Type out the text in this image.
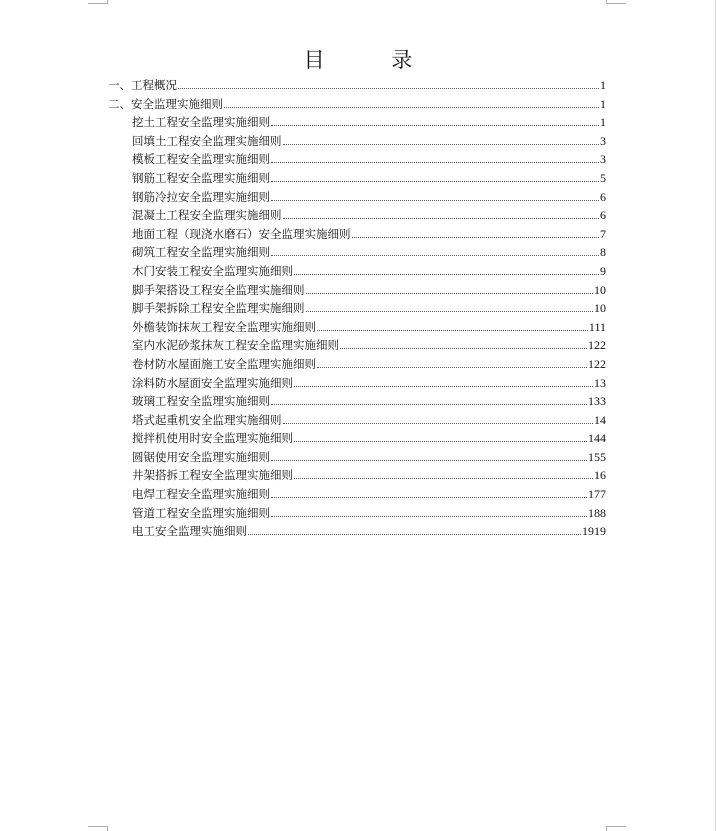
目 录
一、工程概况	1
二、安全监理实施细则	1
挖土工程安全监理实施细则	1
回填土工程安全监理实施细则	3
模板工程安全监理实施细则	3
钢筋工程安全监理实施细则	5
钢筋冷拉安全监理实施细则	6
混凝土工程安全监理实施细则	6
地面工程（现浇水磨石）安全监理实施细则	7
砌筑工程安全监理实施细则	8
木门安装工程安全监理实施细则	9
脚手架搭设工程安全监理实施细则	10
脚手架拆除工程安全监理实施细则	10
外檐装饰抹灰工程安全监理实施细则	111
室内水泥砂浆抹灰工程安全监理实施细则	122
卷材防水屋面施工安全监理实施细则	122
涂料防水屋面安全监理实施细则	13
玻璃工程安全监理实施细则	133
塔式起重机安全监理实施细则	14
搅拌机使用时安全监理实施细则	144
圆锯使用安全监理实施细则	155
井架搭拆工程安全监理实施细则	16
电焊工程安全监理实施细则	177
管道工程安全监理实施细则	188
电工安全监理实施细则	1919
